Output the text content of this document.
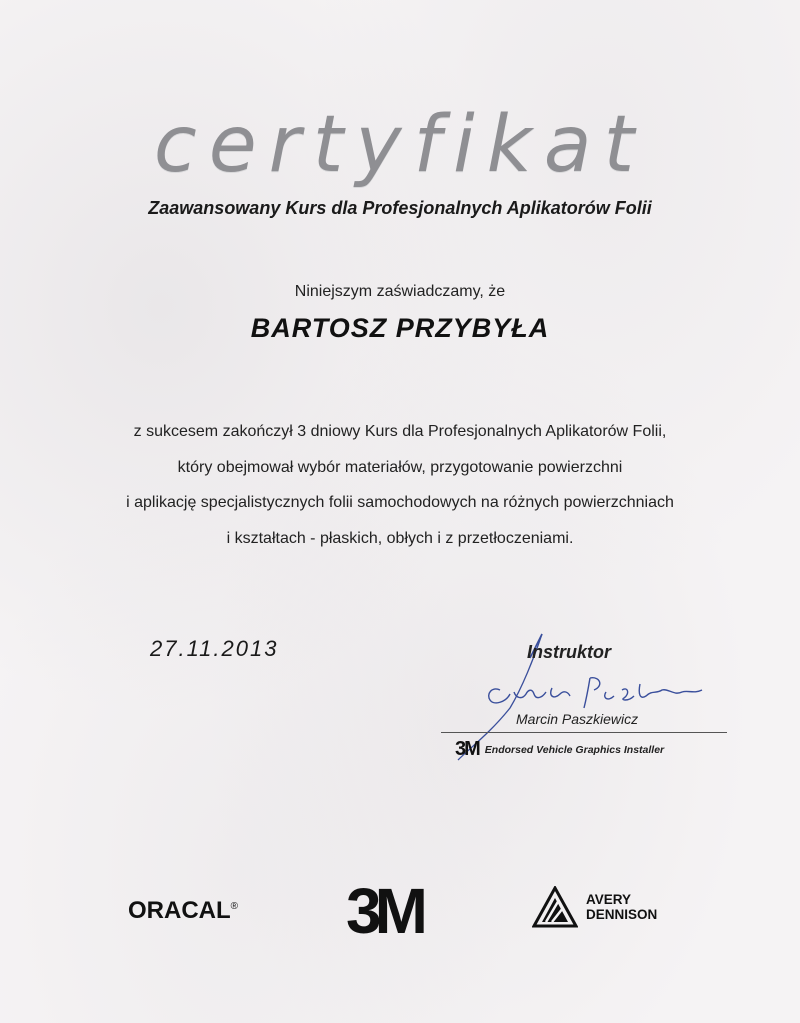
certyfikat
Zaawansowany Kurs dla Profesjonalnych Aplikatorów Folii
Niniejszym zaświadczamy, że
BARTOSZ PRZYBYŁA
z sukcesem zakończył 3 dniowy Kurs dla Profesjonalnych Aplikatorów Folii,
który obejmował wybór materiałów, przygotowanie powierzchni
i aplikację specjalistycznych folii samochodowych na różnych powierzchniach
i kształtach - płaskich, obłych i z przetłoczeniami.
27.11.2013	Instruktor
Marcin Paszkiewicz
3M Endorsed Vehicle Graphics Installer
ORACAL® 3M	AVERY
DENNISON
